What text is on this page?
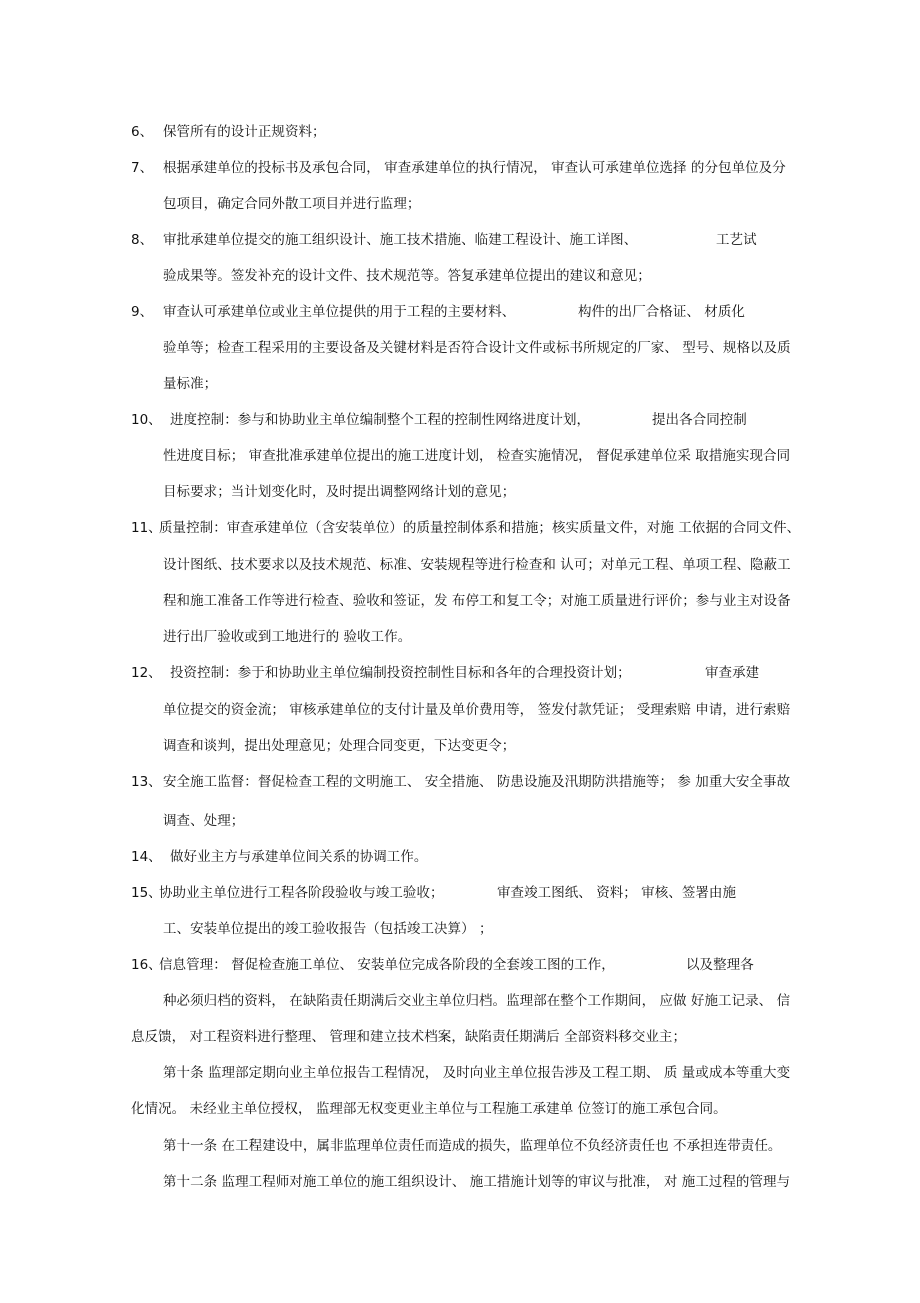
6、 保管所有的设计正规资料；
7、 根据承建单位的投标书及承包合同， 审查承建单位的执行情况， 审查认可承建单位选择 的分包单位及分
包项目，确定合同外散工项目并进行监理；
8、 审批承建单位提交的施工组织设计、施工技术措施、临建工程设计、施工详图、	工艺试
验成果等。签发补充的设计文件、技术规范等。答复承建单位提出的建议和意见；
9、 审查认可承建单位或业主单位提供的用于工程的主要材料、	构件的出厂合格证、 材质化
验单等；检查工程采用的主要设备及关键材料是否符合设计文件或标书所规定的厂家、 型号、规格以及质
量标准；
10、 进度控制：参与和协助业主单位编制整个工程的控制性网络进度计划，	提出各合同控制
性进度目标； 审查批准承建单位提出的施工进度计划， 检查实施情况， 督促承建单位采 取措施实现合同
目标要求；当计划变化时，及时提出调整网络计划的意见；
11、
质量控制：审查承建单位（含安装单位）的质量控制体系和措施；核实质量文件，对施 工依据的合同文件、
设计图纸、技术要求以及技术规范、标准、安装规程等进行检查和 认可；对单元工程、单项工程、隐蔽工
程和施工准备工作等进行检查、验收和签证，发 布停工和复工令；对施工质量进行评价；参与业主对设备
进行出厂验收或到工地进行的 验收工作。
12、 投资控制：参于和协助业主单位编制投资控制性目标和各年的合理投资计划；	审查承建
单位提交的资金流； 审核承建单位的支付计量及单价费用等， 签发付款凭证； 受理索赔 申请，进行索赔
调查和谈判，提出处理意见；处理合同变更，下达变更令；
13、 安全施工监督：督促检查工程的文明施工、 安全措施、 防患设施及汛期防洪措施等； 参 加重大安全事故
调查、处理；
14、 做好业主方与承建单位间关系的协调工作。
15、
协助业主单位进行工程各阶段验收与竣工验收；	审查竣工图纸、 资料； 审核、签署由施
工、安装单位提出的竣工验收报告（包括竣工决算） ；
16、
信息管理： 督促检查施工单位、 安装单位完成各阶段的全套竣工图的工作，	以及整理各
种必须归档的资料， 在缺陷责任期满后交业主单位归档。监理部在整个工作期间， 应做 好施工记录、 信
息反馈， 对工程资料进行整理、 管理和建立技术档案，缺陷责任期满后 全部资料移交业主；
第十条 监理部定期向业主单位报告工程情况， 及时向业主单位报告涉及工程工期、 质 量或成本等重大变
化情况。 未经业主单位授权， 监理部无权变更业主单位与工程施工承建单 位签订的施工承包合同。
第十一条 在工程建设中，属非监理单位责任而造成的损失，监理单位不负经济责任也 不承担连带责任。
第十二条 监理工程师对施工单位的施工组织设计、 施工措施计划等的审议与批准， 对 施工过程的管理与
